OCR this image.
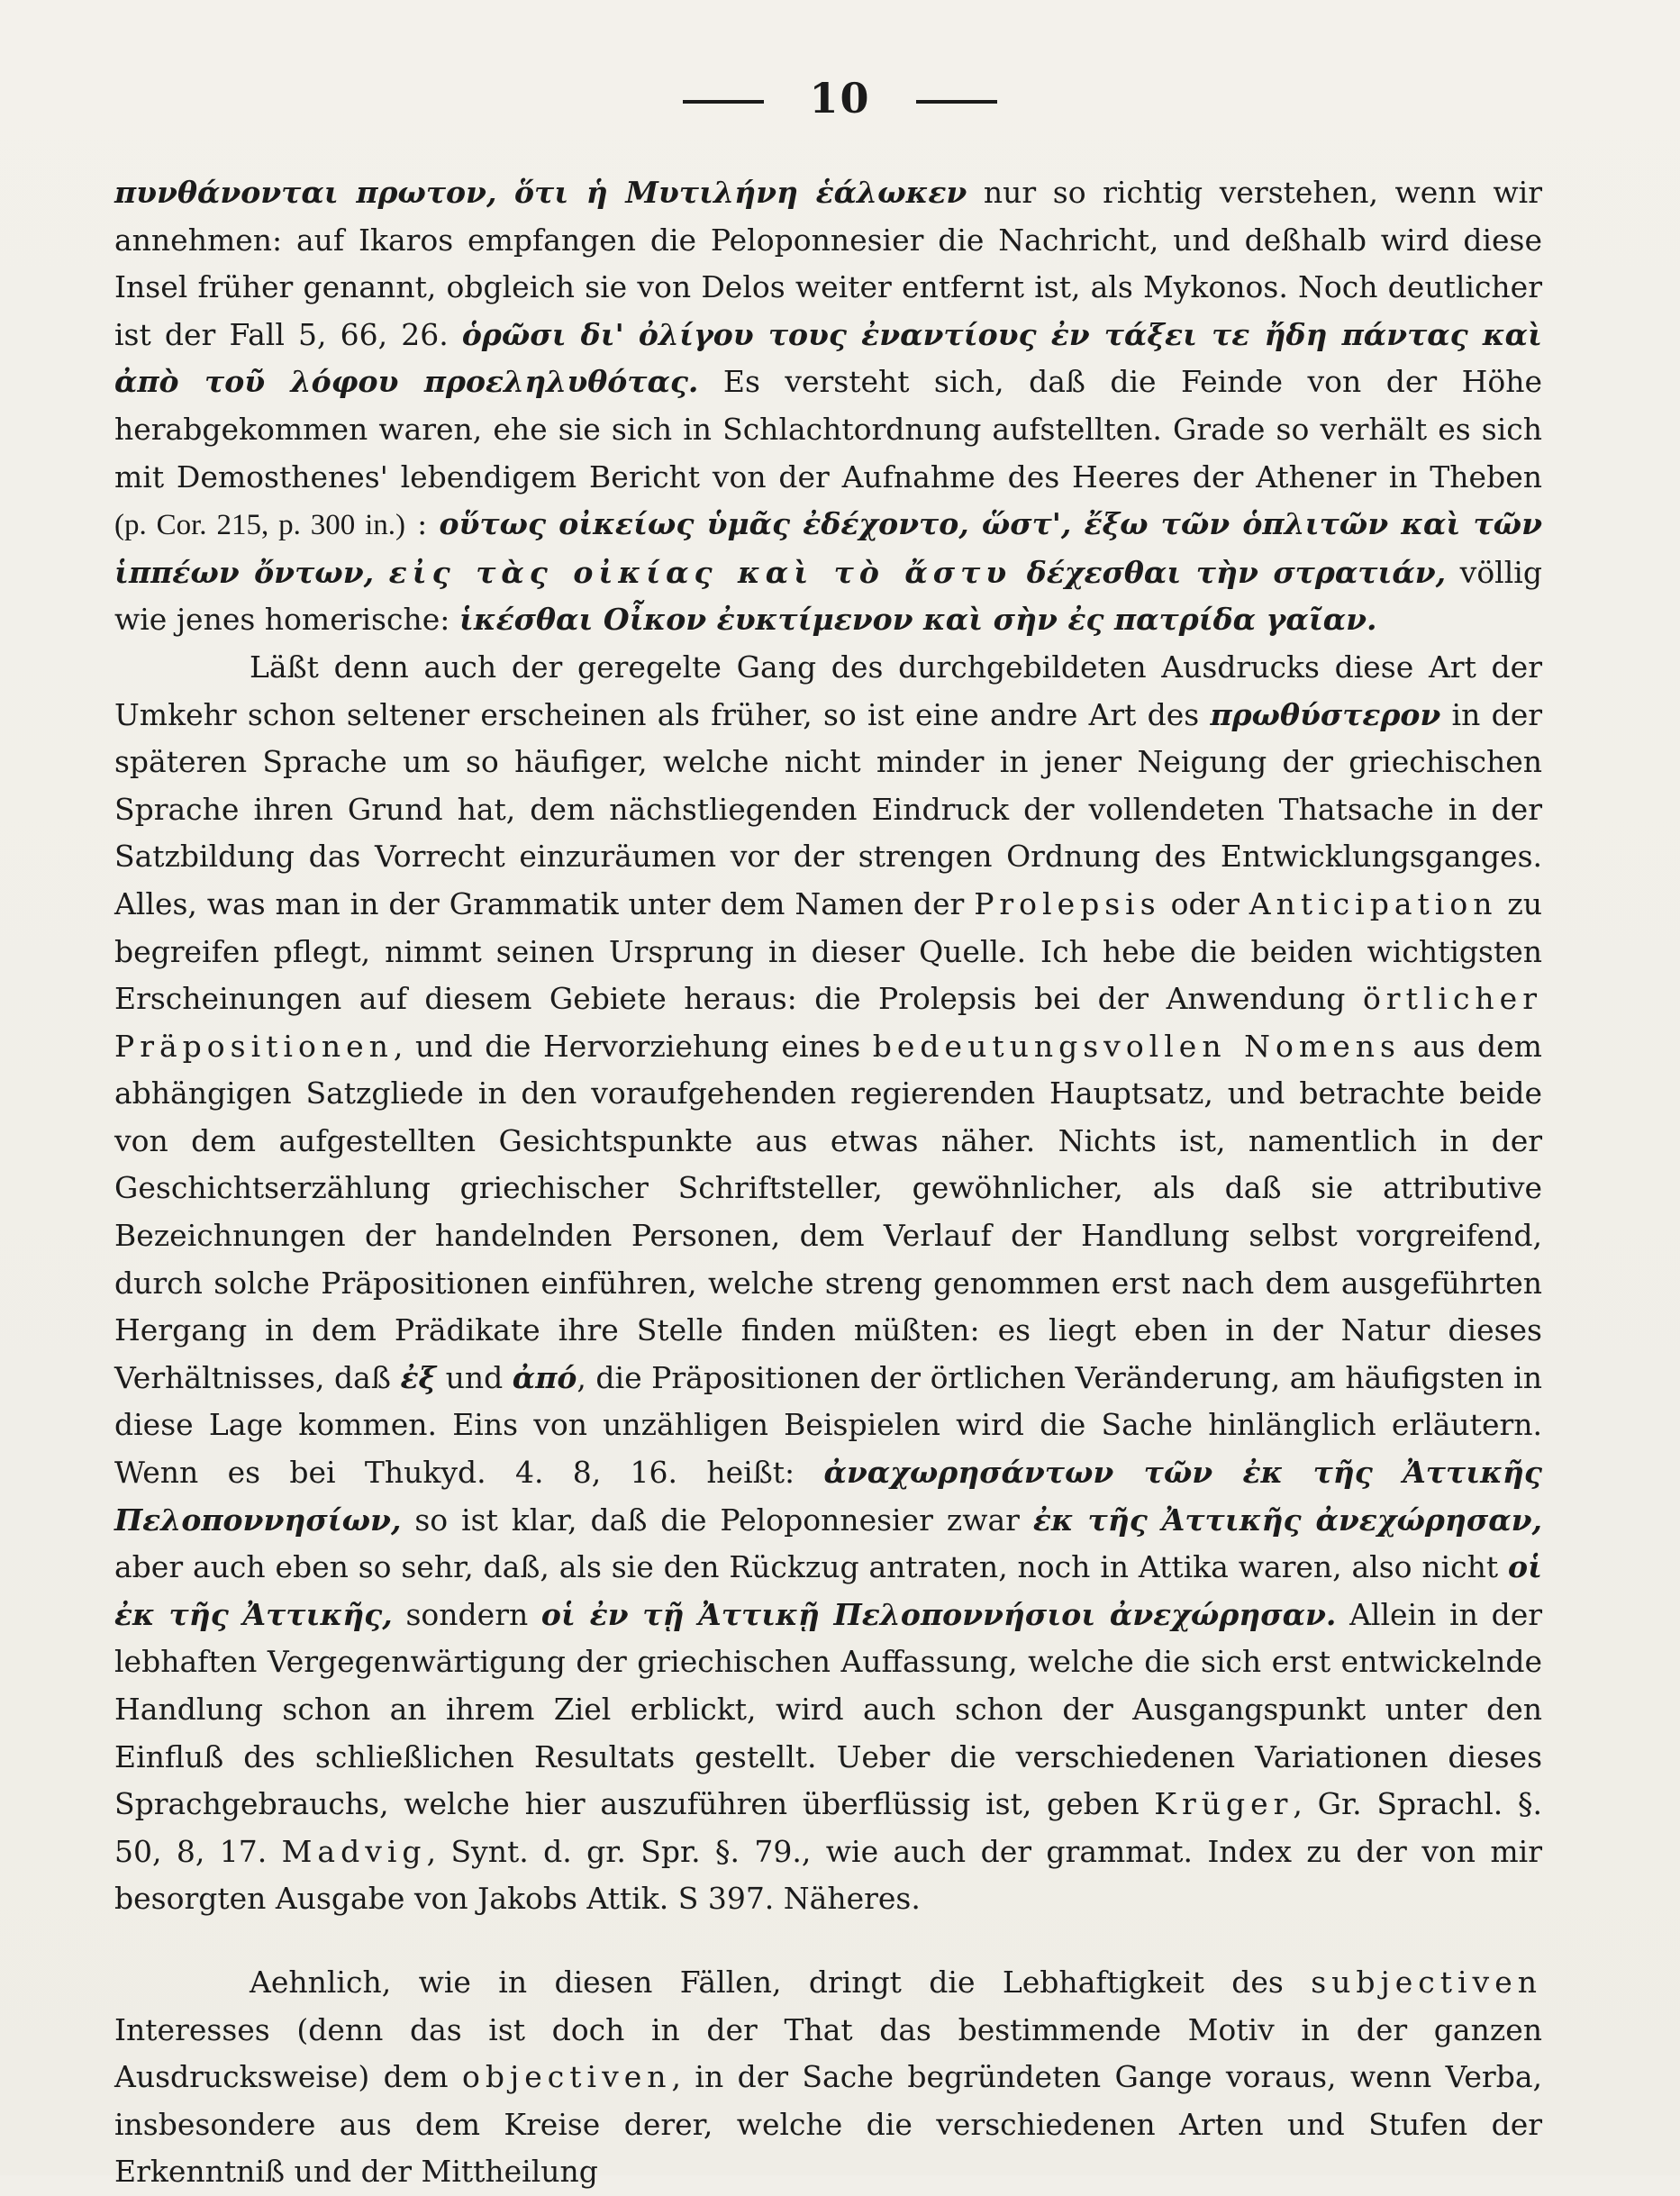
10

πυνθάνονται πρωτον, ὅτι ἡ Μυτιλήνη ἑάλωκεν nur so richtig verstehen, wenn wir annehmen: auf Ikaros empfangen die Peloponnesier die Nachricht, und deßhalb wird diese Insel früher genannt, obgleich sie von Delos weiter entfernt ist, als Mykonos. Noch deutlicher ist der Fall 5, 66, 26. ὁρῶσι δι' ὀλίγου τους ἐναντίους ἐν τάξει τε ἤδη πάντας καὶ ἀπὸ τοῦ λόφου προεληλυθότας. Es versteht sich, daß die Feinde von der Höhe herabgekommen waren, ehe sie sich in Schlachtordnung aufstellten. Grade so verhält es sich mit Demosthenes' lebendigem Bericht von der Aufnahme des Heeres der Athener in Theben (p. Cor. 215, p. 300 in.) : οὕτως οἰκείως ὑμᾶς ἐδέχοντο, ὥστ', ἔξω τῶν ὁπλιτῶν καὶ τῶν ἱππέων ὄντων, εἰς τὰς οἰκίας καὶ τὸ ἄστυ δέχεσθαι τὴν στρατιάν, völlig wie jenes homerische: ἱκέσθαι Οἶκον ἐυκτίμενον καὶ σὴν ἐς πατρίδα γαῖαν.

Läßt denn auch der geregelte Gang des durchgebildeten Ausdrucks diese Art der Umkehr schon seltener erscheinen als früher, so ist eine andre Art des πρωθύστερον in der späteren Sprache um so häufiger, welche nicht minder in jener Neigung der griechischen Sprache ihren Grund hat, dem nächstliegenden Eindruck der vollendeten Thatsache in der Satzbildung das Vorrecht einzuräumen vor der strengen Ordnung des Entwicklungsganges. Alles, was man in der Grammatik unter dem Namen der Prolepsis oder Anticipation zu begreifen pflegt, nimmt seinen Ursprung in dieser Quelle. Ich hebe die beiden wichtigsten Erscheinungen auf diesem Gebiete heraus: die Prolepsis bei der Anwendung örtlicher Präpositionen, und die Hervorziehung eines bedeutungsvollen Nomens aus dem abhängigen Satzgliede in den voraufgehenden regierenden Hauptsatz, und betrachte beide von dem aufgestellten Gesichtspunkte aus etwas näher. Nichts ist, namentlich in der Geschichtserzählung griechischer Schriftsteller, gewöhnlicher, als daß sie attributive Bezeichnungen der handelnden Personen, dem Verlauf der Handlung selbst vorgreifend, durch solche Präpositionen einführen, welche streng genommen erst nach dem ausgeführten Hergang in dem Prädikate ihre Stelle finden müßten: es liegt eben in der Natur dieses Verhältnisses, daß ἐξ und ἀπό, die Präpositionen der örtlichen Veränderung, am häufigsten in diese Lage kommen. Eins von unzähligen Beispielen wird die Sache hinlänglich erläutern. Wenn es bei Thukyd. 4. 8, 16. heißt: ἀναχωρησάντων τῶν ἐκ τῆς Ἀττικῆς Πελοποννησίων, so ist klar, daß die Peloponnesier zwar ἐκ τῆς Ἀττικῆς ἀνεχώρησαν, aber auch eben so sehr, daß, als sie den Rückzug antraten, noch in Attika waren, also nicht οἱ ἐκ τῆς Ἀττικῆς, sondern οἱ ἐν τῇ Ἀττικῇ Πελοποννήσιοι ἀνεχώρησαν. Allein in der lebhaften Vergegenwärtigung der griechischen Auffassung, welche die sich erst entwickelnde Handlung schon an ihrem Ziel erblickt, wird auch schon der Ausgangspunkt unter den Einfluß des schließlichen Resultats gestellt. Ueber die verschiedenen Variationen dieses Sprachgebrauchs, welche hier auszuführen überflüssig ist, geben Krüger, Gr. Sprachl. §. 50, 8, 17. Madvig, Synt. d. gr. Spr. §. 79., wie auch der grammat. Index zu der von mir besorgten Ausgabe von Jakobs Attik. S 397. Näheres.

Aehnlich, wie in diesen Fällen, dringt die Lebhaftigkeit des subjectiven Interesses (denn das ist doch in der That das bestimmende Motiv in der ganzen Ausdrucksweise) dem objectiven, in der Sache begründeten Gange voraus, wenn Verba, insbesondere aus dem Kreise derer, welche die verschiedenen Arten und Stufen der Erkenntniß und der Mittheilung
